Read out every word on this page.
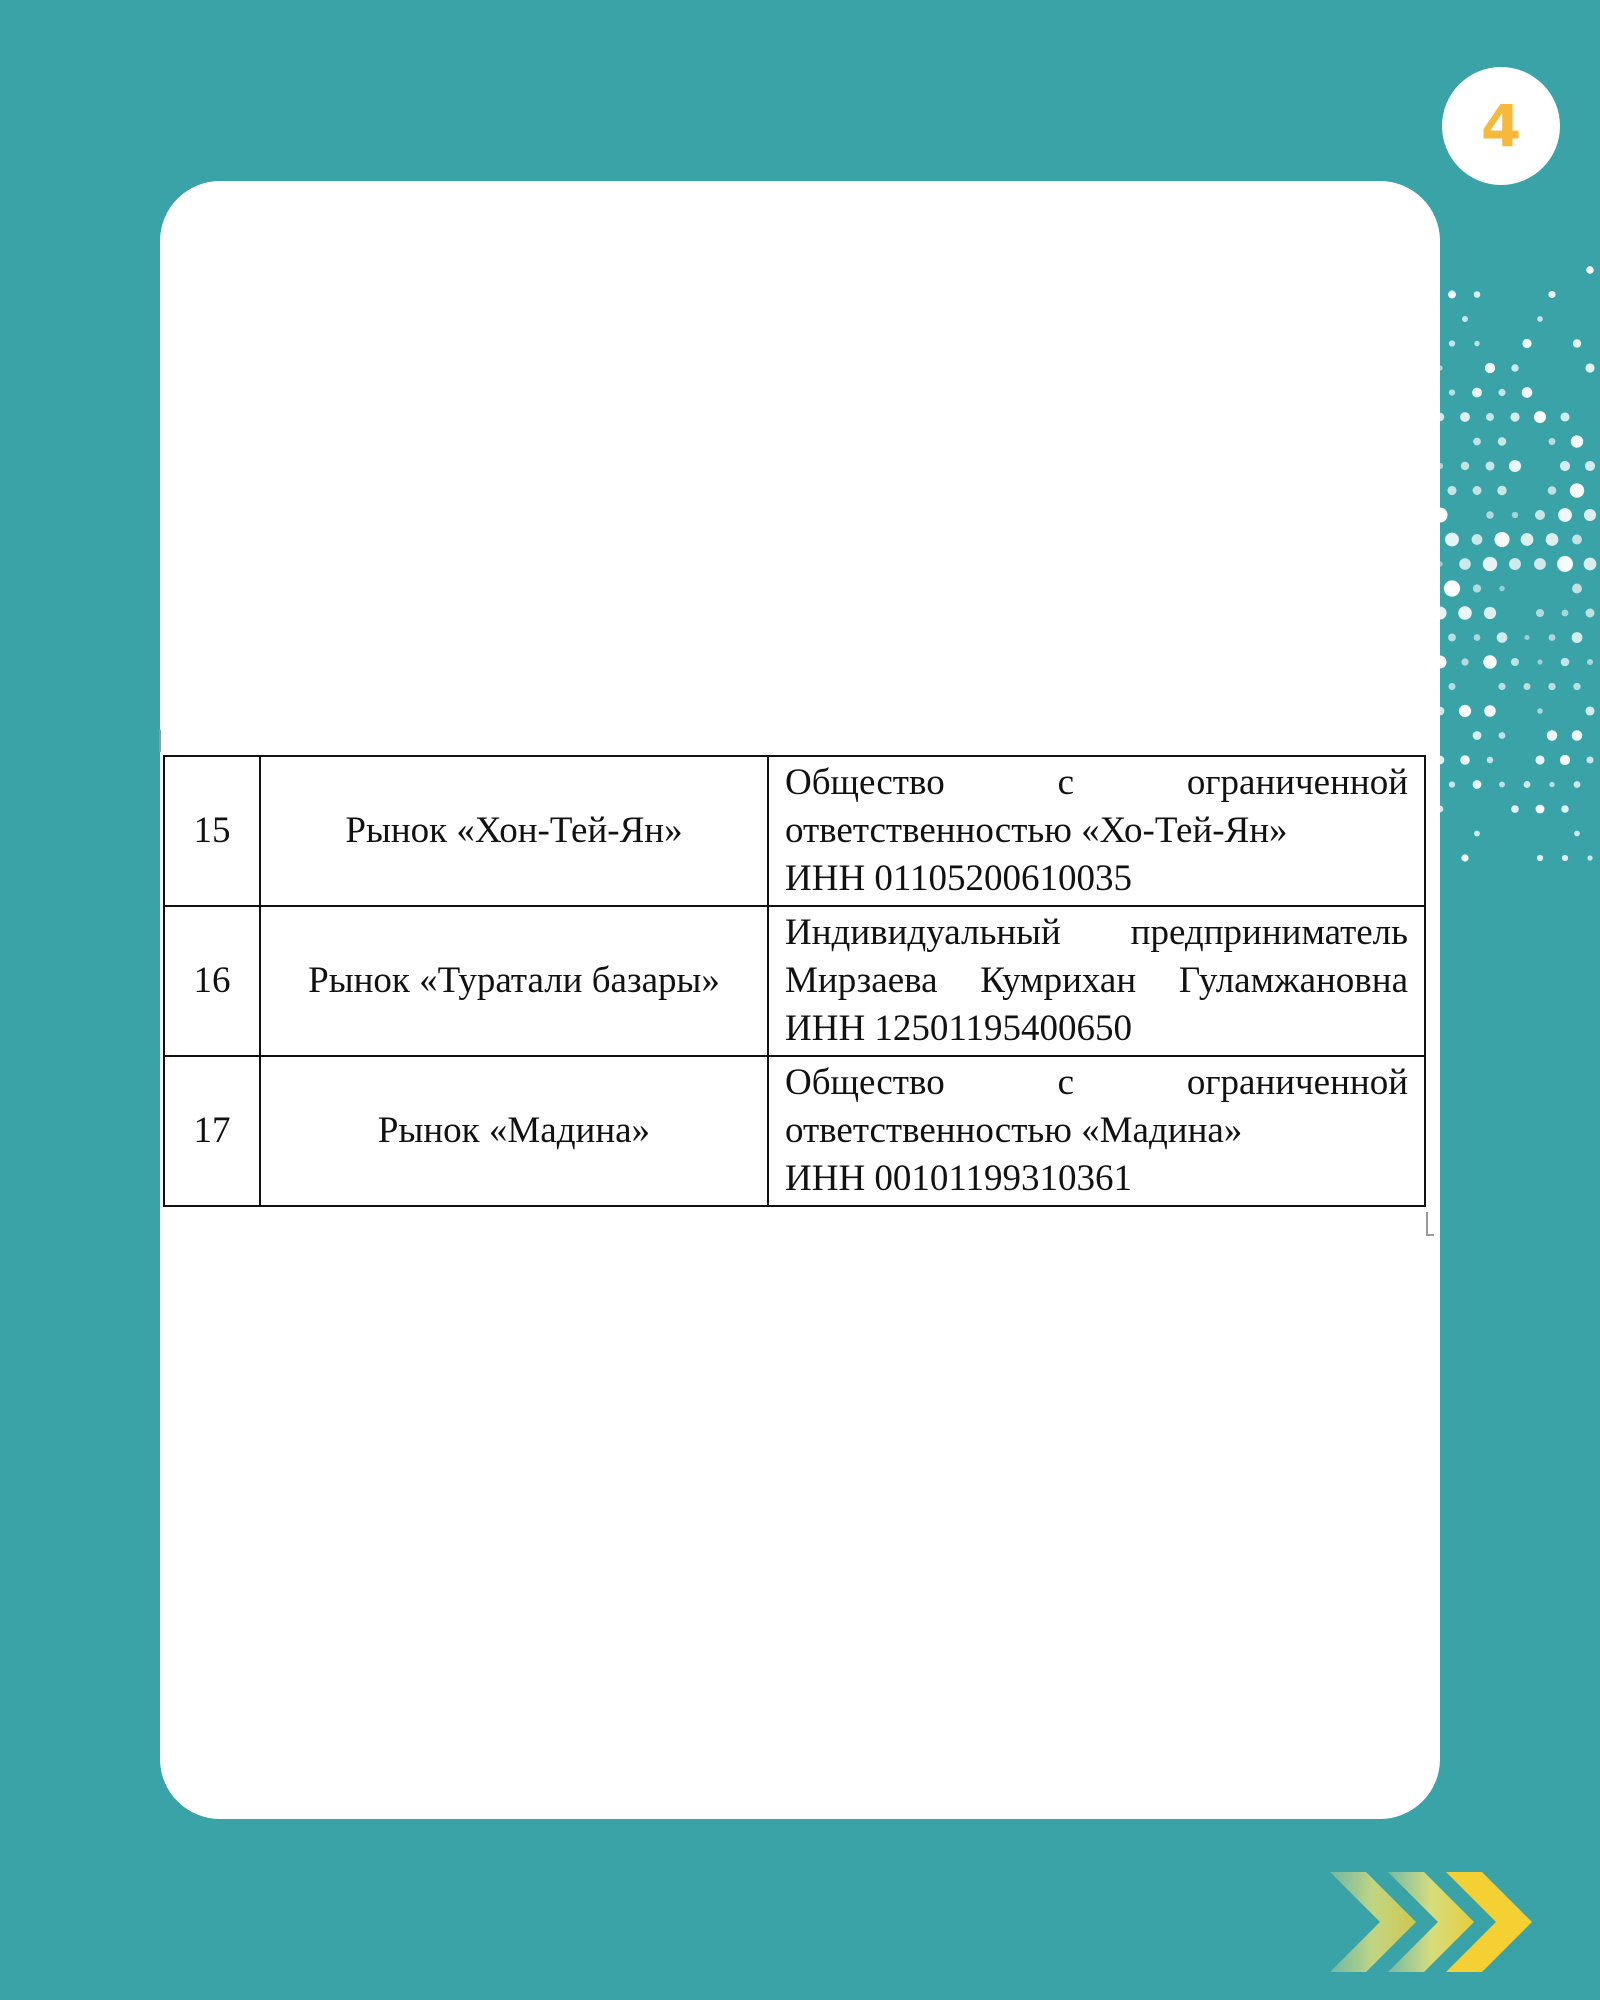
4
15	Рынок «Хон-Тей-Ян»	Общество с ограниченной
ответственностью «Хо-Тей-Ян»
ИНН 01105200610035

16	Рынок «Туратали базары»	Индивидуальный предприниматель
Мирзаева Кумрихан Гуламжановна
ИНН 12501195400650

17	Рынок «Мадина»	Общество с ограниченной
ответственностью «Мадина»
ИНН 00101199310361
